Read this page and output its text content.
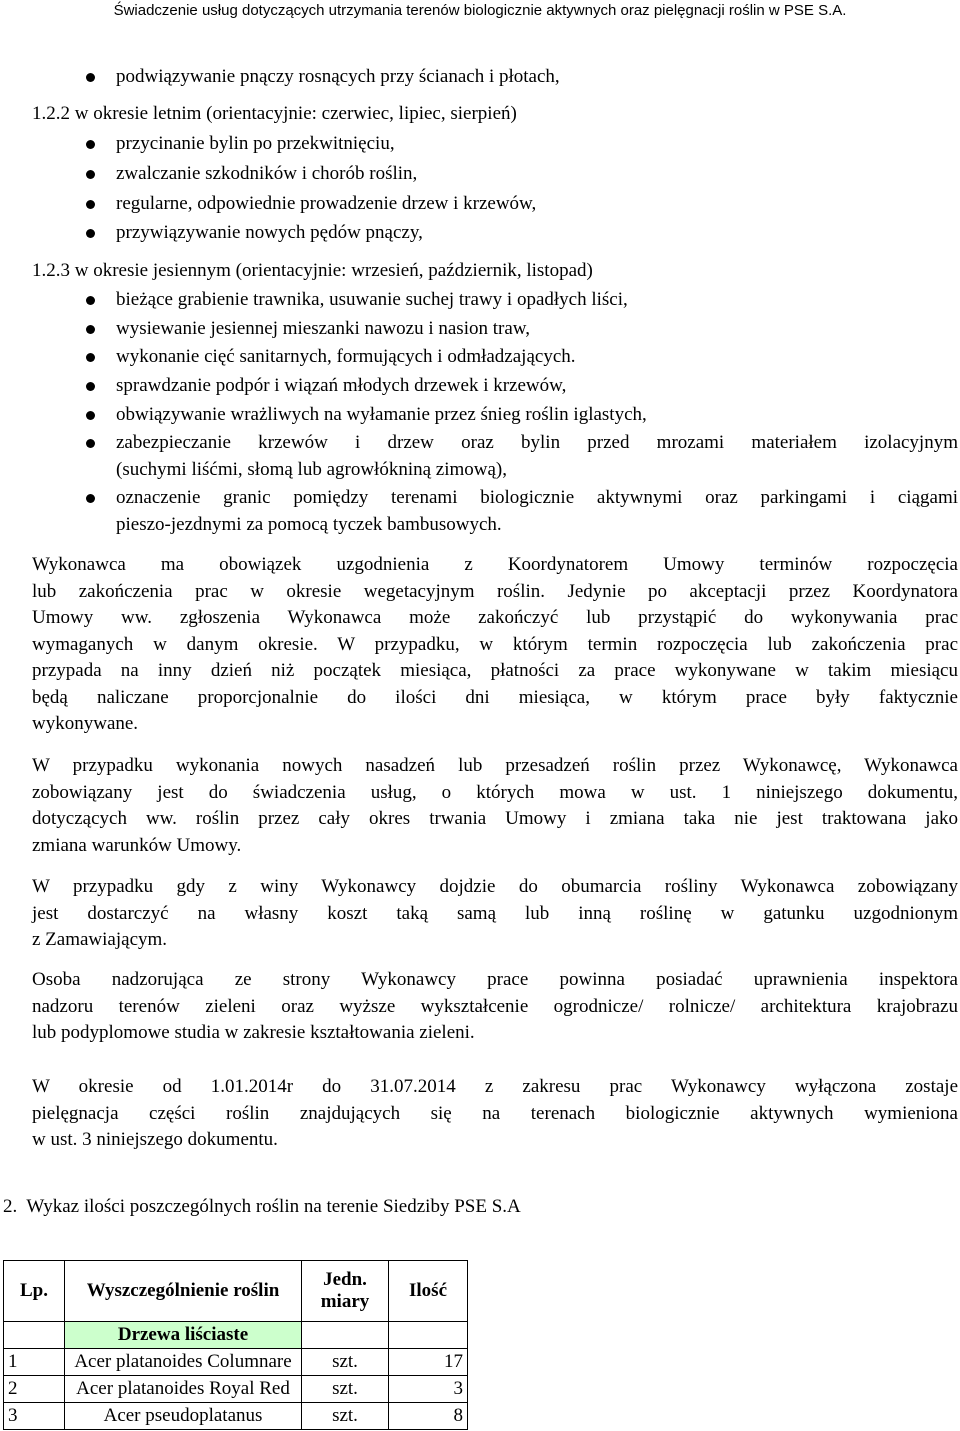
Świadczenie usług dotyczących utrzymania terenów biologicznie aktywnych oraz pielęgnacji roślin w PSE S.A.
podwiązywanie pnączy rosnących przy ścianach i płotach,
1.2.2 w okresie letnim (orientacyjnie: czerwiec, lipiec, sierpień)
przycinanie bylin po przekwitnięciu,
zwalczanie szkodników i chorób roślin,
regularne, odpowiednie prowadzenie drzew i krzewów,
przywiązywanie nowych pędów pnączy,
1.2.3 w okresie jesiennym (orientacyjnie: wrzesień, październik, listopad)
bieżące grabienie trawnika, usuwanie suchej trawy i opadłych liści,
wysiewanie jesiennej mieszanki nawozu i nasion traw,
wykonanie cięć sanitarnych, formujących i odmładzających.
sprawdzanie podpór i wiązań młodych drzewek i krzewów,
obwiązywanie wrażliwych na wyłamanie przez śnieg roślin iglastych,
zabezpieczanie krzewów i drzew oraz bylin przed mrozami materiałem izolacyjnym
(suchymi liśćmi, słomą lub agrowłókniną zimową),
oznaczenie granic pomiędzy terenami biologicznie aktywnymi oraz parkingami i ciągami
pieszo-jezdnymi za pomocą tyczek bambusowych.
Wykonawca ma obowiązek uzgodnienia z Koordynatorem Umowy terminów rozpoczęcia
lub zakończenia prac w okresie wegetacyjnym roślin. Jedynie po akceptacji przez Koordynatora
Umowy ww. zgłoszenia Wykonawca może zakończyć lub przystąpić do wykonywania prac
wymaganych w danym okresie. W przypadku, w którym termin rozpoczęcia lub zakończenia prac
przypada na inny dzień niż początek miesiąca, płatności za prace wykonywane w takim miesiącu
będą naliczane proporcjonalnie do ilości dni miesiąca, w którym prace były faktycznie
wykonywane.
W przypadku wykonania nowych nasadzeń lub przesadzeń roślin przez Wykonawcę, Wykonawca
zobowiązany jest do świadczenia usług, o których mowa w ust. 1 niniejszego dokumentu,
dotyczących ww. roślin przez cały okres trwania Umowy i zmiana taka nie jest traktowana jako
zmiana warunków Umowy.
W przypadku gdy z winy Wykonawcy dojdzie do obumarcia rośliny Wykonawca zobowiązany
jest dostarczyć na własny koszt taką samą lub inną roślinę w gatunku uzgodnionym
z Zamawiającym.
Osoba nadzorująca ze strony Wykonawcy prace powinna posiadać uprawnienia inspektora
nadzoru terenów zieleni oraz wyższe wykształcenie ogrodnicze/ rolnicze/ architektura krajobrazu
lub podyplomowe studia w zakresie kształtowania zieleni.
W okresie od 1.01.2014r do 31.07.2014 z zakresu prac Wykonawcy wyłączona zostaje
pielęgnacja części roślin znajdujących się na terenach biologicznie aktywnych wymieniona
w ust. 3 niniejszego dokumentu.
2.  Wykaz ilości poszczególnych roślin na terenie Siedziby PSE S.A
Lp.	Wyszczególnienie roślin	Jedn.
miary	Ilość
	Drzewa liściaste		
1	Acer platanoides Columnare	szt.	17
2	Acer platanoides Royal Red	szt.	3
3	Acer pseudoplatanus	szt.	8
